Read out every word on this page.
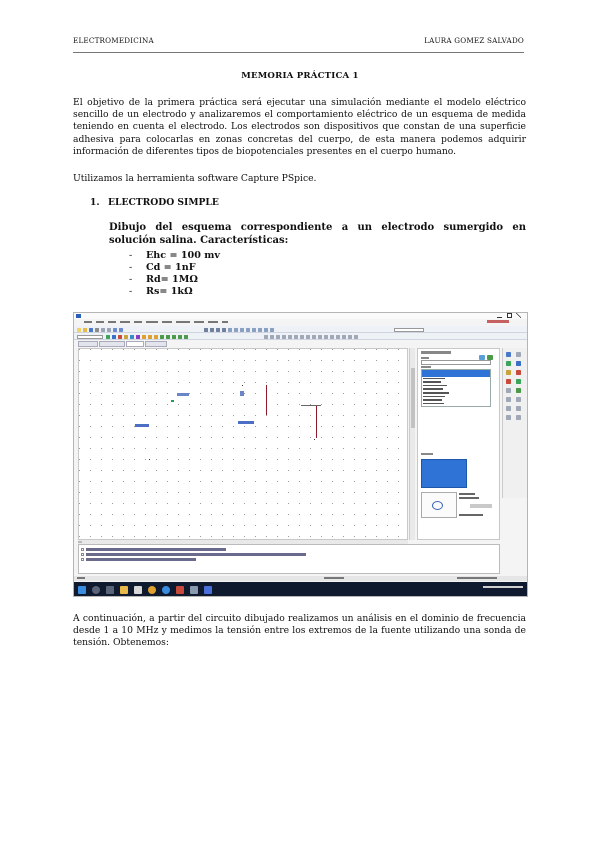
ELECTROMEDICINA	LAURA GOMEZ SALVADO
MEMORIA PRÁCTICA 1

El objetivo de la primera práctica será ejecutar una simulación mediante el modelo eléctrico sencillo de un electrodo y analizaremos el comportamiento eléctrico de un esquema de medida teniendo en cuenta el electrodo. Los electrodos son dispositivos que constan de una superficie adhesiva para colocarlas en zonas concretas del cuerpo, de esta manera podemos adquirir información de diferentes tipos de biopotenciales presentes en el cuerpo humano.

Utilizamos la herramienta software Capture PSpice.

1. ELECTRODO SIMPLE
Dibujo del esquema correspondiente a un electrodo sumergido en solución salina. Características:
-	Ehc = 100 mv
-	Cd = 1nF
-	Rd= 1MΩ
-	Rs= 1kΩ

A continuación, a partir del circuito dibujado realizamos un análisis en el dominio de frecuencia desde 1 a 10 MHz y medimos la tensión entre los extremos de la fuente utilizando una sonda de tensión. Obtenemos:
